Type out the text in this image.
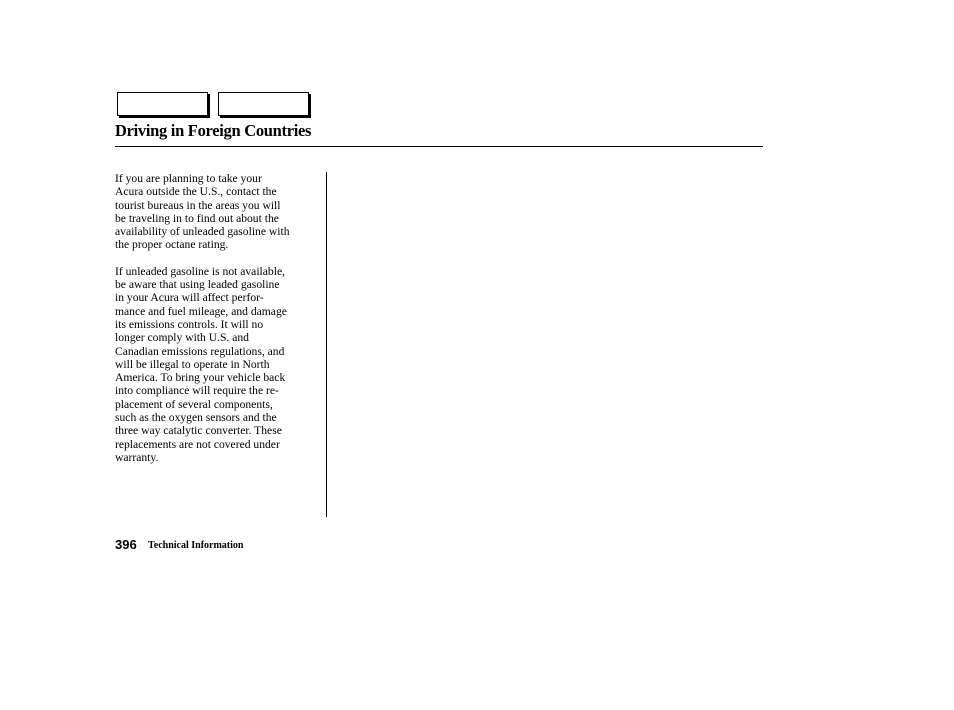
Driving in Foreign Countries

If you are planning to take your
Acura outside the U.S., contact the
tourist bureaus in the areas you will
be traveling in to find out about the
availability of unleaded gasoline with
the proper octane rating.

If unleaded gasoline is not available,
be aware that using leaded gasoline
in your Acura will affect perfor-
mance and fuel mileage, and damage
its emissions controls. It will no
longer comply with U.S. and
Canadian emissions regulations, and
will be illegal to operate in North
America. To bring your vehicle back
into compliance will require the re-
placement of several components,
such as the oxygen sensors and the
three way catalytic converter. These
replacements are not covered under
warranty.

396 Technical Information
